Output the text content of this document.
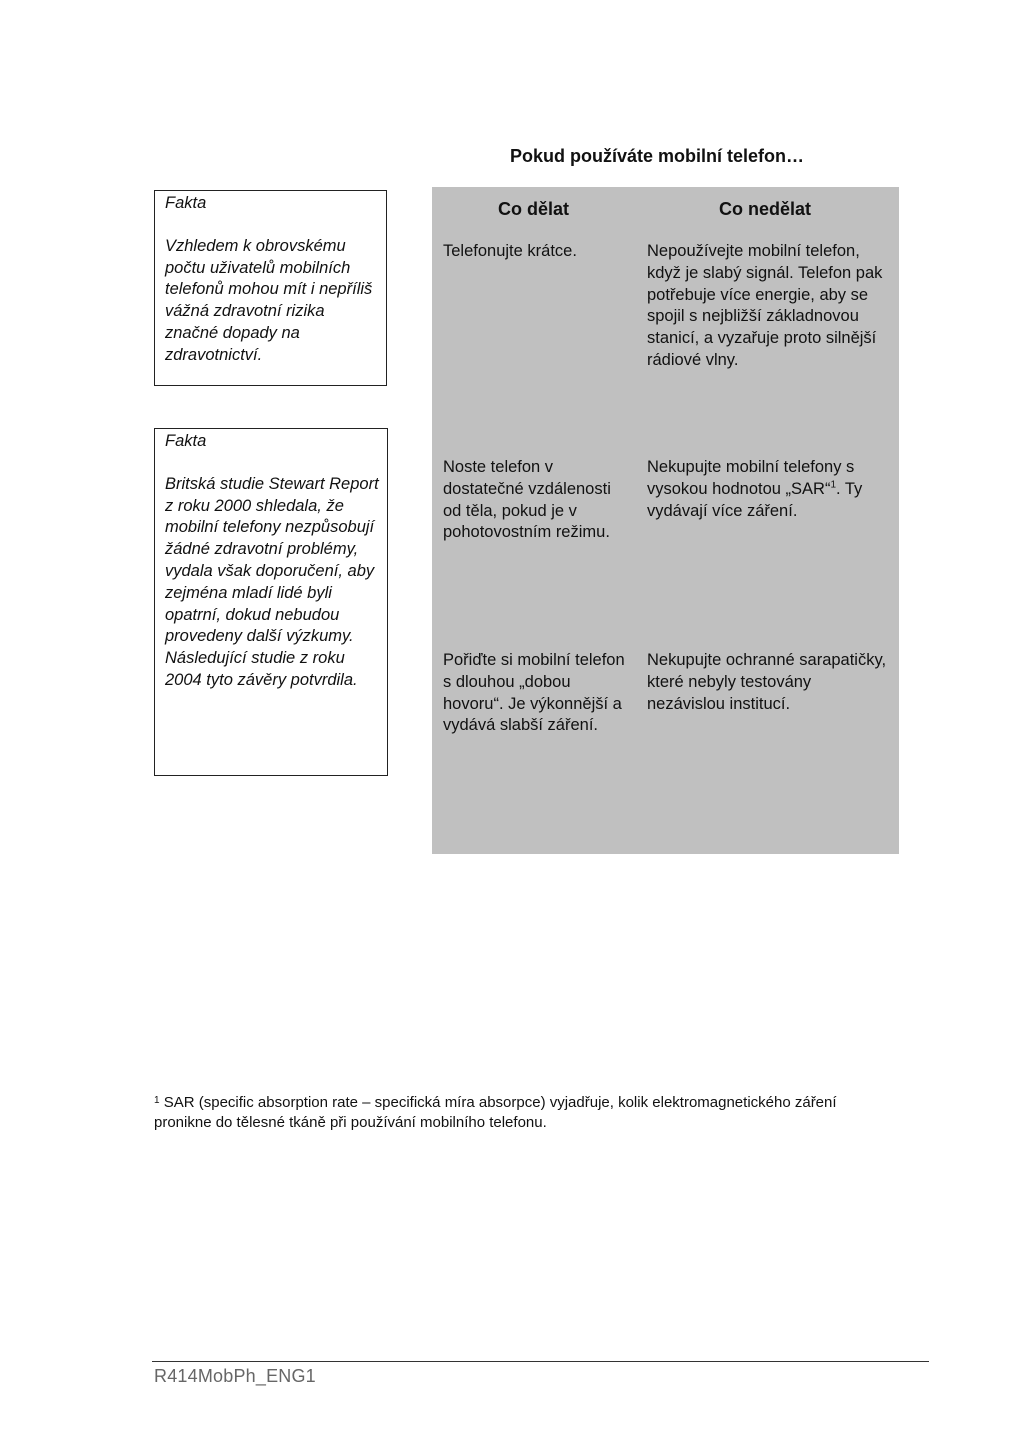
Pokud používáte mobilní telefon…
Fakta
Vzhledem k obrovskému počtu uživatelů mobilních telefonů mohou mít i nepříliš vážná zdravotní rizika značné dopady na zdravotnictví.
Fakta
Britská studie Stewart Report z roku 2000 shledala, že mobilní telefony nezpůsobují žádné zdravotní problémy, vydala však doporučení, aby zejména mladí lidé byli opatrní, dokud nebudou provedeny další výzkumy. Následující studie z roku 2004 tyto závěry potvrdila.
Co dělat	Co nedělat
Telefonujte krátce.	Nepoužívejte mobilní telefon, když je slabý signál. Telefon pak potřebuje více energie, aby se spojil s nejbližší základnovou stanicí, a vyzařuje proto silnější rádiové vlny.
Noste telefon v dostatečné vzdálenosti od těla, pokud je v pohotovostním režimu.
Nekupujte mobilní telefony s vysokou hodnotou „SAR“$^1$. Ty vydávají více záření.
Pořiďte si mobilní telefon s dlouhou „dobou hovoru“. Je výkonnější a vydává slabší záření.
Nekupujte ochranné sarapatičky, které nebyly testovány nezávislou institucí.
$^1$ SAR (specific absorption rate – specifická míra absorpce) vyjadřuje, kolik elektromagnetického záření pronikne do tělesné tkáně při používání mobilního telefonu.
R414MobPh_ENG1
